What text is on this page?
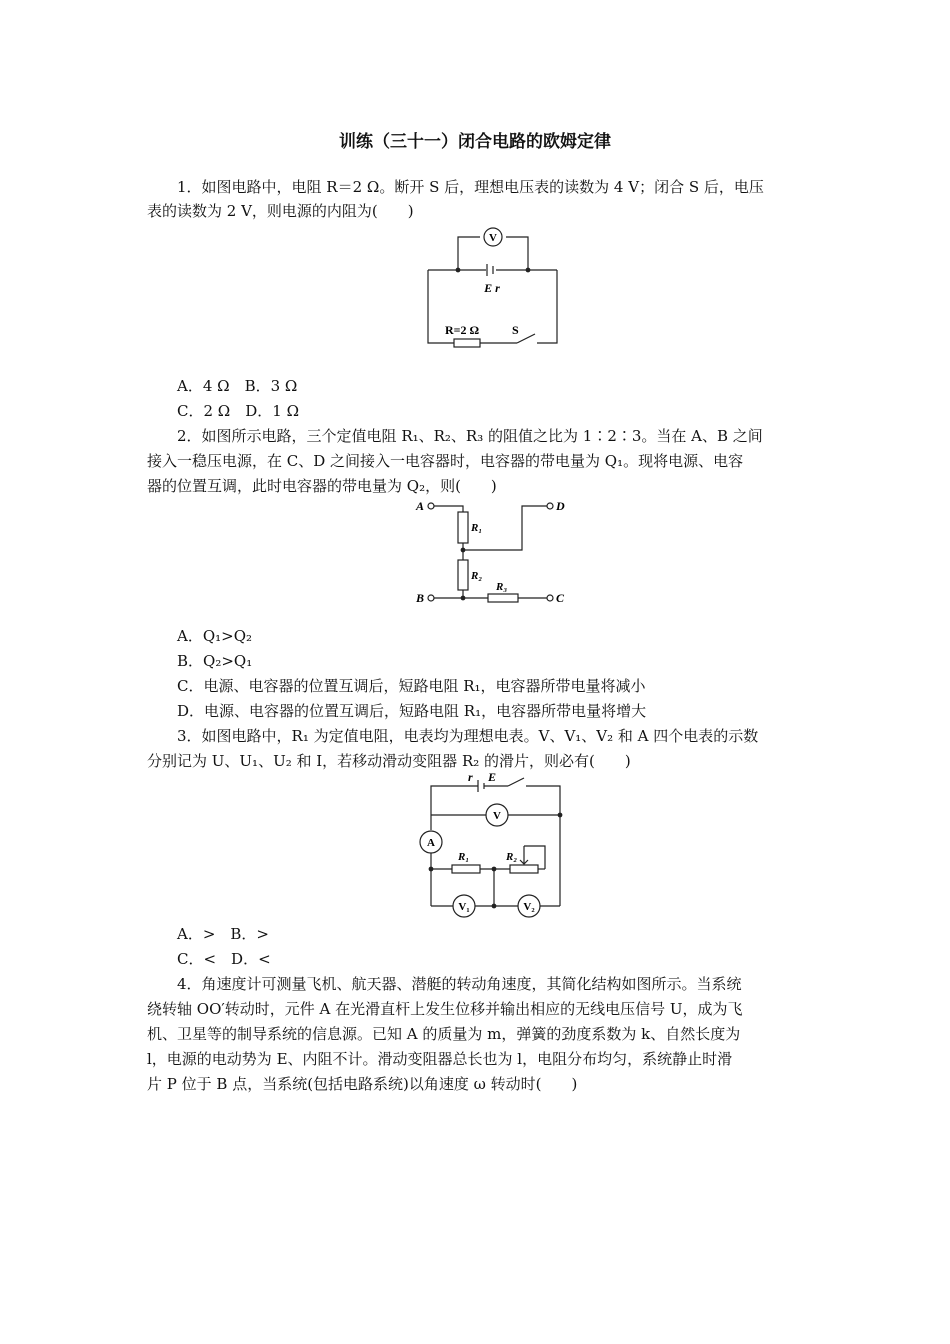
训练（三十一）闭合电路的欧姆定律
1．如图电路中，电阻 R＝2 Ω。断开 S 后，理想电压表的读数为 4 V；闭合 S 后，电压
表的读数为 2 V，则电源的内阻为(　　)
V
E r
R=2 Ω	S
A．4 Ω　B．3 Ω
C．2 Ω　D．1 Ω
2．如图所示电路，三个定值电阻 R₁、R₂、R₃ 的阻值之比为 1∶2∶3。当在 A、B 之间
接入一稳压电源，在 C、D 之间接入一电容器时，电容器的带电量为 Q₁。现将电源、电容
器的位置互调，此时电容器的带电量为 Q₂，则(　　)
A
B	C
D
R₁
R₂
R₃
A．Q₁>Q₂
B．Q₂>Q₁
C．电源、电容器的位置互调后，短路电阻 R₁，电容器所带电量将减小
D．电源、电容器的位置互调后，短路电阻 R₁，电容器所带电量将增大
3．如图电路中，R₁ 为定值电阻，电表均为理想电表。V、V₁、V₂ 和 A 四个电表的示数
分别记为 U、U₁、U₂ 和 I，若移动滑动变阻器 R₂ 的滑片，则必有(　　)
r E
V
A
R₁	R₂
V₁	V₂
A．>　B．>
C．<　D．<
4．角速度计可测量飞机、航天器、潜艇的转动角速度，其简化结构如图所示。当系统
绕转轴 OO′转动时，元件 A 在光滑直杆上发生位移并输出相应的无线电压信号 U，成为飞
机、卫星等的制导系统的信息源。已知 A 的质量为 m，弹簧的劲度系数为 k、自然长度为
l，电源的电动势为 E、内阻不计。滑动变阻器总长也为 l，电阻分布均匀，系统静止时滑
片 P 位于 B 点，当系统(包括电路系统)以角速度 ω 转动时(　　)
